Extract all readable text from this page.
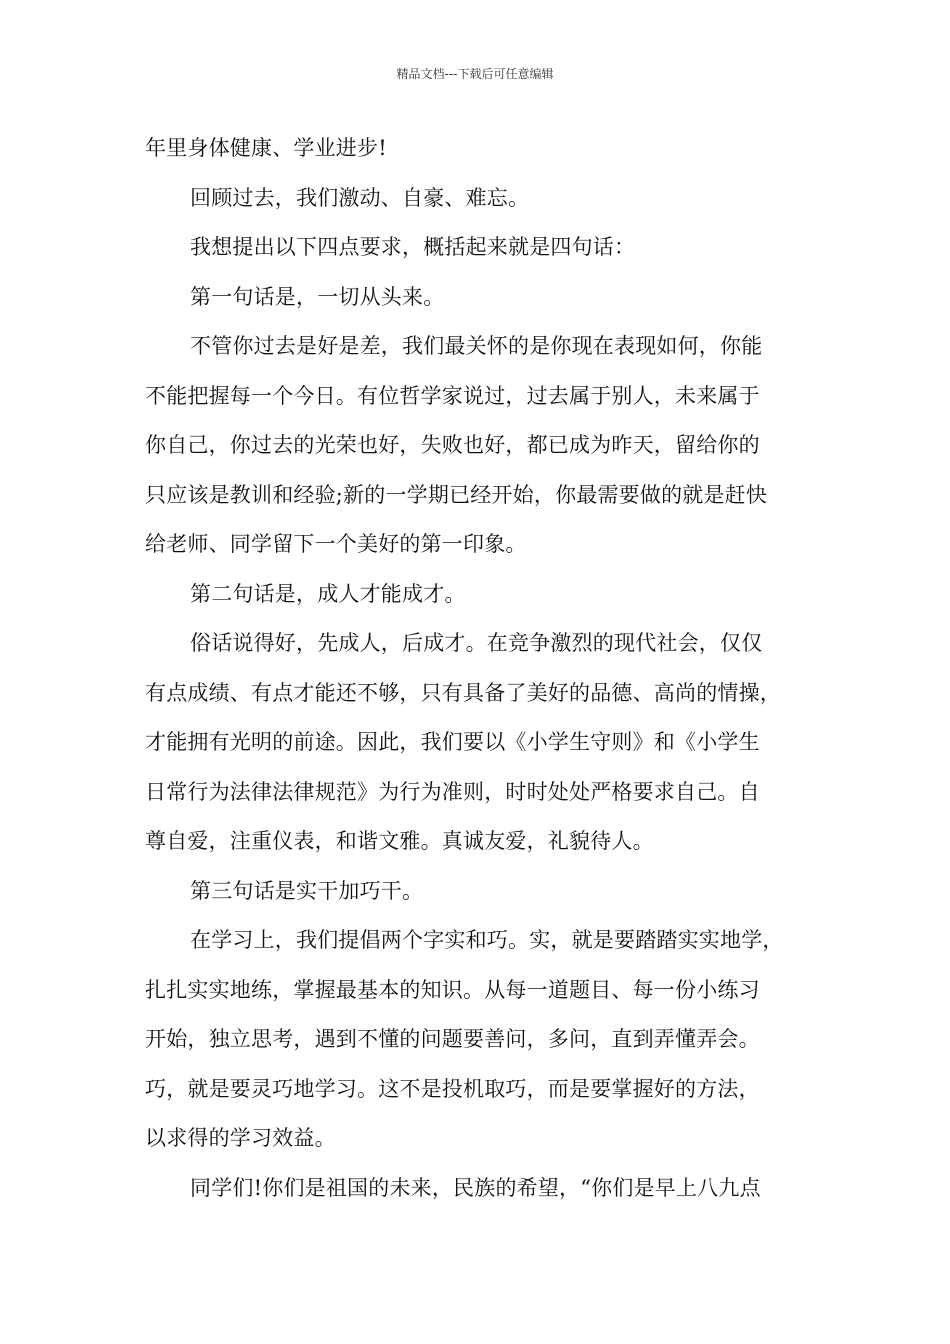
精品文档---下载后可任意编辑
年里身体健康、学业进步!
回顾过去，我们激动、自豪、难忘。
我想提出以下四点要求，概括起来就是四句话：
第一句话是，一切从头来。
不管你过去是好是差，我们最关怀的是你现在表现如何，你能
不能把握每一个今日。有位哲学家说过，过去属于别人，未来属于
你自己，你过去的光荣也好，失败也好，都已成为昨天，留给你的
只应该是教训和经验;新的一学期已经开始，你最需要做的就是赶快
给老师、同学留下一个美好的第一印象。
第二句话是，成人才能成才。
俗话说得好，先成人，后成才。在竞争激烈的现代社会，仅仅
有点成绩、有点才能还不够，只有具备了美好的品德、高尚的情操，
才能拥有光明的前途。因此，我们要以《小学生守则》和《小学生
日常行为法律法律规范》为行为准则，时时处处严格要求自己。自
尊自爱，注重仪表，和谐文雅。真诚友爱，礼貌待人。
第三句话是实干加巧干。
在学习上，我们提倡两个字实和巧。实，就是要踏踏实实地学，
扎扎实实地练，掌握最基本的知识。从每一道题目、每一份小练习
开始，独立思考，遇到不懂的问题要善问，多问，直到弄懂弄会。
巧，就是要灵巧地学习。这不是投机取巧，而是要掌握好的方法，
以求得的学习效益。
同学们!你们是祖国的未来，民族的希望，“你们是早上八九点
